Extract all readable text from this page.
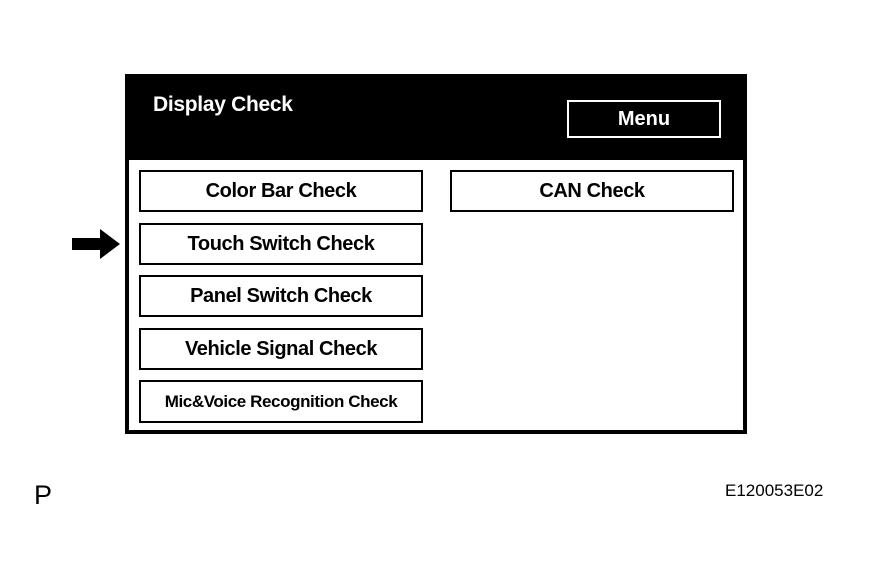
Display Check
Menu
Color Bar Check
Touch Switch Check
Panel Switch Check
Vehicle Signal Check
Mic&Voice Recognition Check
CAN Check
P	E120053E02
